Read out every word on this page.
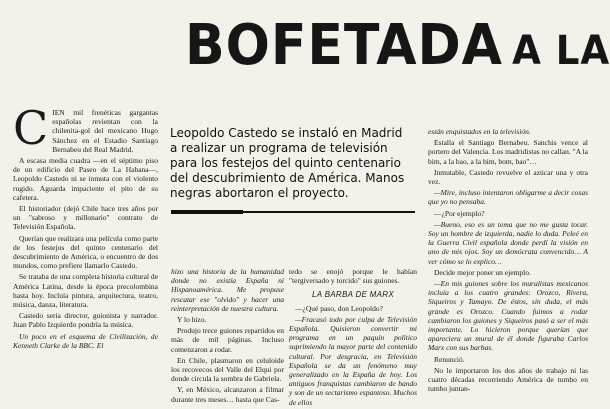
BOFETADA A LA
C IEN mil frenéticas gargantas españolas revientan con la chilenita-gol del mexicano Hugo Sánchez en el Estadio Santiago Bernabeu del Real Madrid.

A escasa media cuadra —en el séptimo piso de un edificio del Paseo de La Habana—, Leopoldo Castedo ni se inmuta con el violento rugido. Aguarda impaciente el pito de su cafetera.

El historiador (dejó Chile hace tres años por un "sabroso y millonario" contrato de Televisión Española.

Querían que realizara una película como parte de los festejos del quinto centenario del descubrimiento de América, o encuentro de dos mundos, como prefiere llamarlo Castedo.

Se trataba de una completa historia cultural de América Latina, desde la época precolombina hasta hoy. Incluía pintura, arquitectura, teatro, música, danza, literatura.

Castedo sería director, guionista y narrador. Juan Pablo Izquierdo pondría la música.

Un poco en el esquema de Civilización, de Kenneth Clarke de la BBC. El

Leopoldo Castedo se instaló en Madrid a realizar un programa de televisión para los festejos del quinto centenario del descubrimiento de América. Manos negras abortaron el proyecto.

hizo una historia de la humanidad donde no existía España ni Hispanoamérica. Me propuse rescatar ese "olvido" y hacer una reinterpretación de nuestra cultura.

Y lo hizo.

Produjo trece guiones repartidos en más de mil páginas. Incluso comenzaron a rodar.

En Chile, plasmaron en celuloide los recovecos del Valle del Elqui por donde circula la sombra de Gabriela.

Y, en México, alcanzaron a filmar durante tres meses… hasta que Cas-

tedo se enojó porque le habían "tergiversado y torcido" sus guiones.

LA BARBA DE MARX

—¿Qué paso, don Leopoldo?

—Fracasó todo por culpa de Televisión Española. Quisieron convertir mi programa en un paquín político suprimiendo la mayor parte del contenido cultural. Por desgracia, en Televisión Española se da un fenómeno muy generalizado en la España de hoy. Los antiguos franquistas cambiaron de bando y son de un sectarismo espantoso. Muchos de ellos

están enquistados en la televisión.

Estalla el Santiago Bernabeu. Sanchis vence al portero del Valencia. Los madridistas no callan. "A la bim, a la bao, a la bim, bom, bao"…

Inmutable, Castedo revuelve el azúcar una y otra vez.

—Mire, incluso intentaron obligarme a decir cosas que yo no pensaba.

—¿Por ejemplo?

—Bueno, eso es un tema que no me gusta tocar. Soy un hombre de izquierda, nadie lo duda. Peleé en la Guerra Civil española donde perdí la visión en uno de mis ojos. Soy un demócrata convencido… A ver cómo se lo explico…

Decide mejor poner un ejemplo.

—En mis guiones sobre los muralistas mexicanos incluía a los cuatro grandes: Orozco, Rivera, Siqueiros y Tamayo. De éstos, sin duda, el más grande es Orozco. Cuando fuimos a rodar cambiaron los guiones y Siqueiros pasó a ser el más importante. Lo hicieron porque querían que apareciera un mural de él donde figuraba Carlos Marx con sus barbas.

Renunció.

No le importaron los dos años de trabajo ni las cuatro décadas recorriendo América de tumbo en tumbo juntan-
